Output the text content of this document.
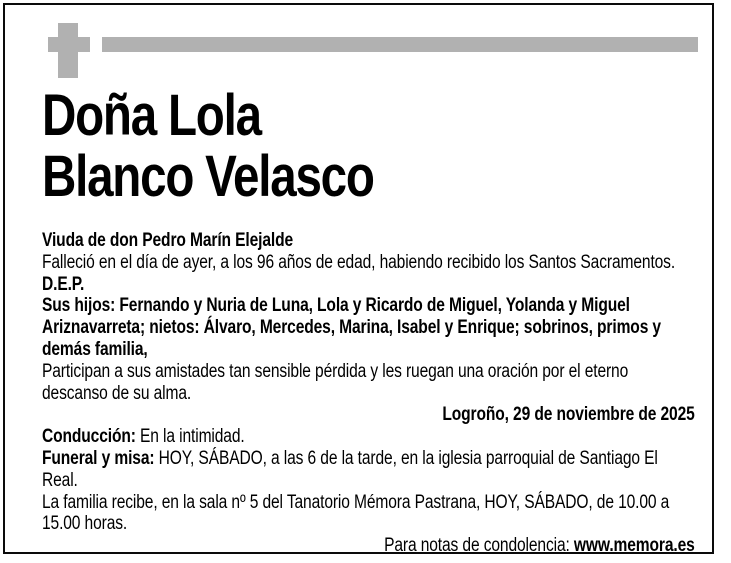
Doña Lola
Blanco Velasco

Viuda de don Pedro Marín Elejalde

Falleció en el día de ayer, a los 96 años de edad, habiendo recibido los Santos Sacramentos.

D.E.P.

Sus hijos: Fernando y Nuria de Luna, Lola y Ricardo de Miguel, Yolanda y Miguel Ariznavarreta; nietos: Álvaro, Mercedes, Marina, Isabel y Enrique; sobrinos, primos y demás familia,

Participan a sus amistades tan sensible pérdida y les ruegan una oración por el eterno descanso de su alma.

Logroño, 29 de noviembre de 2025

Conducción: En la intimidad.

Funeral y misa: HOY, SÁBADO, a las 6 de la tarde, en la iglesia parroquial de Santiago El Real.

La familia recibe, en la sala nº 5 del Tanatorio Mémora Pastrana, HOY, SÁBADO, de 10.00 a 15.00 horas.

Para notas de condolencia: www.memora.es
